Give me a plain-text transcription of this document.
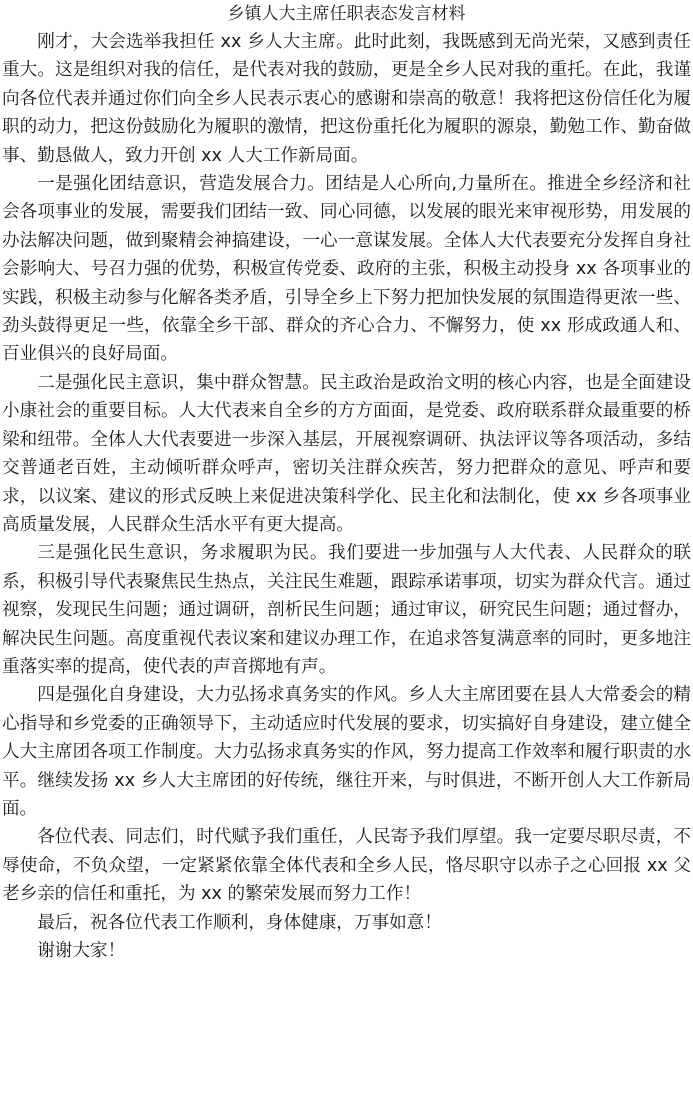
乡镇人大主席任职表态发言材料

刚才，大会选举我担任 xx 乡人大主席。此时此刻，我既感到无尚光荣，又感到责任重大。这是组织对我的信任，是代表对我的鼓励，更是全乡人民对我的重托。在此，我谨向各位代表并通过你们向全乡人民表示衷心的感谢和崇高的敬意！我将把这份信任化为履职的动力，把这份鼓励化为履职的激情，把这份重托化为履职的源泉，勤勉工作、勤奋做事、勤恳做人，致力开创 xx 人大工作新局面。

一是强化团结意识，营造发展合力。团结是人心所向,力量所在。推进全乡经济和社会各项事业的发展，需要我们团结一致、同心同德，以发展的眼光来审视形势，用发展的办法解决问题，做到聚精会神搞建设，一心一意谋发展。全体人大代表要充分发挥自身社会影响大、号召力强的优势，积极宣传党委、政府的主张，积极主动投身 xx 各项事业的实践，积极主动参与化解各类矛盾，引导全乡上下努力把加快发展的氛围造得更浓一些、劲头鼓得更足一些，依靠全乡干部、群众的齐心合力、不懈努力，使 xx 形成政通人和、百业俱兴的良好局面。

二是强化民主意识，集中群众智慧。民主政治是政治文明的核心内容，也是全面建设小康社会的重要目标。人大代表来自全乡的方方面面，是党委、政府联系群众最重要的桥梁和纽带。全体人大代表要进一步深入基层，开展视察调研、执法评议等各项活动，多结交普通老百姓，主动倾听群众呼声，密切关注群众疾苦，努力把群众的意见、呼声和要求，以议案、建议的形式反映上来促进决策科学化、民主化和法制化，使 xx 乡各项事业高质量发展，人民群众生活水平有更大提高。

三是强化民生意识，务求履职为民。我们要进一步加强与人大代表、人民群众的联系，积极引导代表聚焦民生热点，关注民生难题，跟踪承诺事项，切实为群众代言。通过视察，发现民生问题；通过调研，剖析民生问题；通过审议，研究民生问题；通过督办，解决民生问题。高度重视代表议案和建议办理工作，在追求答复满意率的同时，更多地注重落实率的提高，使代表的声音掷地有声。

四是强化自身建设，大力弘扬求真务实的作风。乡人大主席团要在县人大常委会的精心指导和乡党委的正确领导下，主动适应时代发展的要求，切实搞好自身建设，建立健全人大主席团各项工作制度。大力弘扬求真务实的作风，努力提高工作效率和履行职责的水平。继续发扬 xx 乡人大主席团的好传统，继往开来，与时俱进，不断开创人大工作新局面。

各位代表、同志们，时代赋予我们重任，人民寄予我们厚望。我一定要尽职尽责，不辱使命，不负众望，一定紧紧依靠全体代表和全乡人民，恪尽职守以赤子之心回报 xx 父老乡亲的信任和重托，为 xx 的繁荣发展而努力工作！

最后，祝各位代表工作顺利，身体健康，万事如意！

谢谢大家！
